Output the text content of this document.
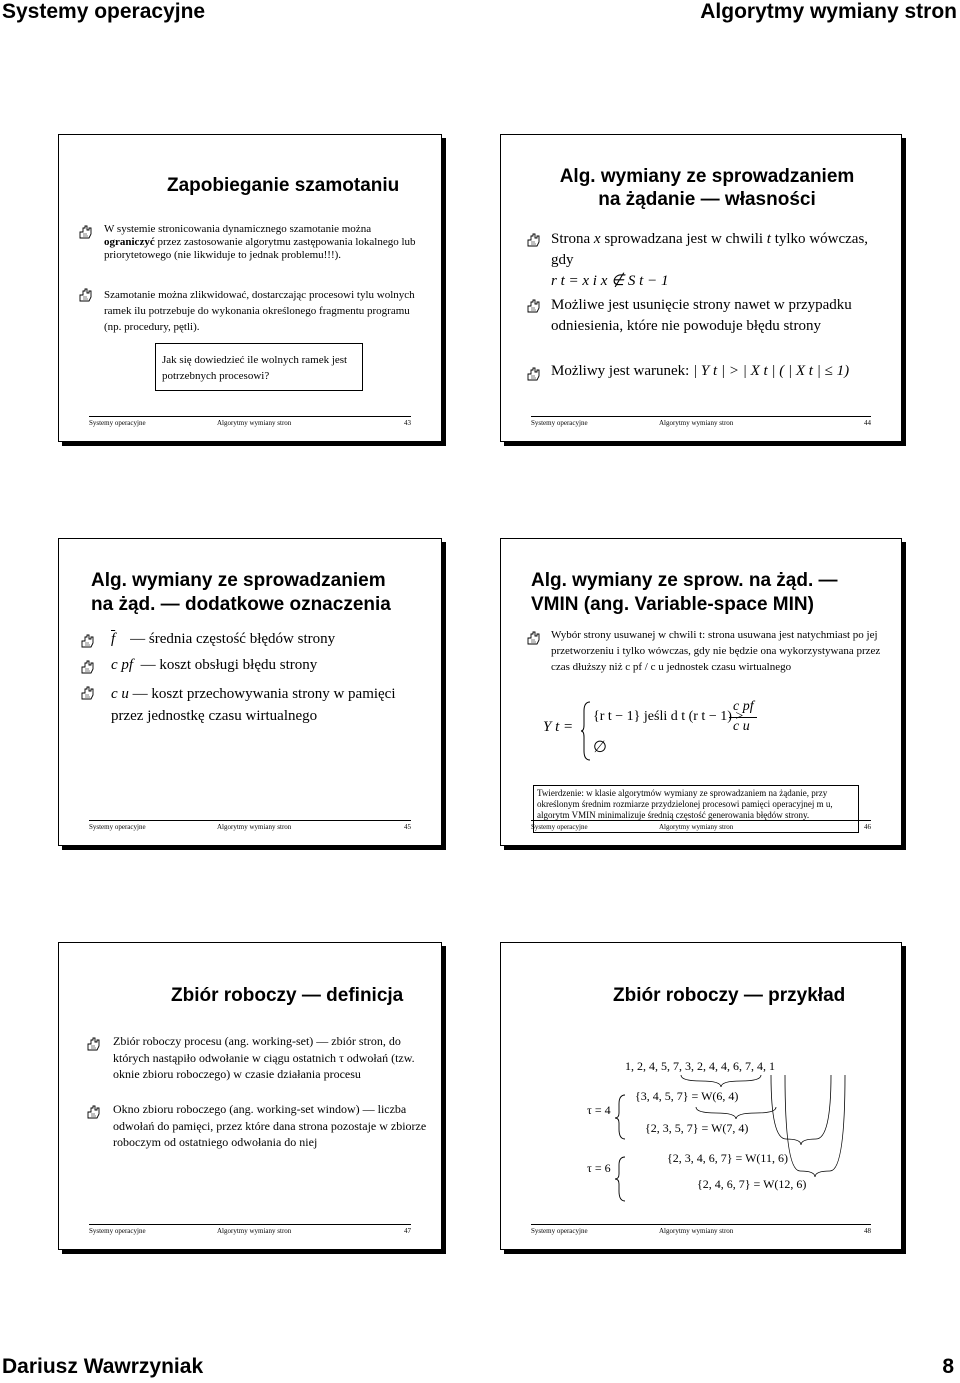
Systemy operacyjne	Algorytmy wymiany stron
Dariusz Wawrzyniak	8
Zapobieganie szamotaniu
W systemie stronicowania dynamicznego szamotanie można ograniczyć przez zastosowanie algorytmu zastępowania lokalnego lub priorytetowego (nie likwiduje to jednak problemu!!!).
Szamotanie można zlikwidować, dostarczając procesowi tylu wolnych ramek ilu potrzebuje do wykonania określonego fragmentu programu (np. procedury, pętli).
Jak się dowiedzieć ile wolnych ramek jest potrzebnych procesowi?
Systemy operacyjne	Algorytmy wymiany stron	43
Alg. wymiany ze sprowadzaniem
na żądanie — własności
Strona x sprowadzana jest w chwili t tylko wówczas, gdy
r t = x i x ∉ S t − 1
Możliwe jest usunięcie strony nawet w przypadku odniesienia, które nie powoduje błędu strony
Możliwy jest warunek: | Y t | > | X t | ( | X t | ≤ 1)
Systemy operacyjne	Algorytmy wymiany stron	44
Alg. wymiany ze sprowadzaniem
na żąd. — dodatkowe oznaczenia
$\overline{f}$ — średnia częstość błędów strony
c pf — koszt obsługi błędu strony
c u — koszt przechowywania strony w pamięci przez jednostkę czasu wirtualnego
Systemy operacyjne	Algorytmy wymiany stron	45
Alg. wymiany ze sprow. na żąd. —
VMIN (ang. Variable-space MIN)
Wybór strony usuwanej w chwili t: strona usuwana jest natychmiast po jej przetworzeniu i tylko wówczas, gdy nie będzie ona wykorzystywana przez czas dłuższy niż c pf / c u jednostek czasu wirtualnego
Y t =
{r t − 1} jeśli d t (r t − 1) >
c pf
c u
∅
Twierdzenie: w klasie algorytmów wymiany ze sprowadzaniem na żądanie, przy określonym średnim rozmiarze przydzielonej procesowi pamięci operacyjnej m u, algorytm VMIN minimalizuje średnią częstość generowania błędów strony.
Systemy operacyjne	Algorytmy wymiany stron	46
Zbiór roboczy — definicja
Zbiór roboczy procesu (ang. working-set) — zbiór stron, do których nastąpiło odwołanie w ciągu ostatnich τ odwołań (tzw. oknie zbioru roboczego) w czasie działania procesu
Okno zbioru roboczego (ang. working-set window) — liczba odwołań do pamięci, przez które dana strona pozostaje w zbiorze roboczym od ostatniego odwołania do niej
Systemy operacyjne	Algorytmy wymiany stron	47
Zbiór roboczy — przykład
1, 2, 4, 5, 7, 3, 2, 4, 4, 6, 7, 4, 1
{3, 4, 5, 7} = W(6, 4)
τ = 4
{2, 3, 5, 7} = W(7, 4)
{2, 3, 4, 6, 7} = W(11, 6)
τ = 6
{2, 4, 6, 7} = W(12, 6)
Systemy operacyjne	Algorytmy wymiany stron	48
